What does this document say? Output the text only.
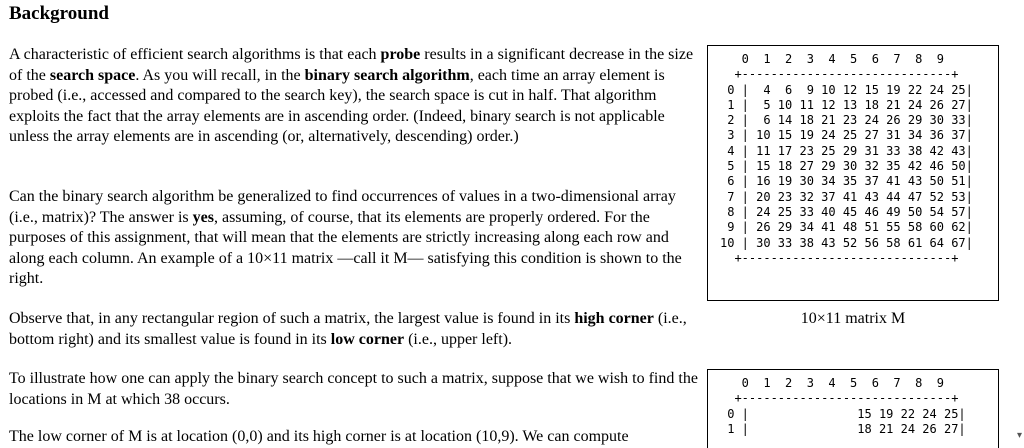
Background

A characteristic of efficient search algorithms is that each probe results in a significant decrease in the size of the search space. As you will recall, in the binary search algorithm, each time an array element is probed (i.e., accessed and compared to the search key), the search space is cut in half. That algorithm exploits the fact that the array elements are in ascending order. (Indeed, binary search is not applicable unless the array elements are in ascending (or, alternatively, descending) order.)

Can the binary search algorithm be generalized to find occurrences of values in a two-dimensional array (i.e., matrix)? The answer is yes, assuming, of course, that its elements are properly ordered. For the purposes of this assignment, that will mean that the elements are strictly increasing along each row and along each column. An example of a 10×11 matrix —call it M— satisfying this condition is shown to the right.

Observe that, in any rectangular region of such a matrix, the largest value is found in its high corner (i.e., bottom right) and its smallest value is found in its low corner (i.e., upper left).

To illustrate how one can apply the binary search concept to such a matrix, suppose that we wish to find the locations in M at which 38 occurs.

The low corner of M is at location (0,0) and its high corner is at location (10,9). We can compute

0  1  2  3  4  5  6  7  8  9
+-----------------------------+
0 |  4  6  9 10 12 15 19 22 24 25|
1 |  5 10 11 12 13 18 21 24 26 27|
2 |  6 14 18 21 23 24 26 29 30 33|
3 | 10 15 19 24 25 27 31 34 36 37|
4 | 11 17 23 25 29 31 33 38 42 43|
5 | 15 18 27 29 30 32 35 42 46 50|
6 | 16 19 30 34 35 37 41 43 50 51|
7 | 20 23 32 37 41 43 44 47 52 53|
8 | 24 25 33 40 45 46 49 50 54 57|
9 | 26 29 34 41 48 51 55 58 60 62|
10 | 30 33 38 43 52 56 58 61 64 67|
+-----------------------------+
10×11 matrix M
0  1  2  3  4  5  6  7  8  9
+-----------------------------+
0 |               15 19 22 24 25|
1 |               18 21 24 26 27|	▾
